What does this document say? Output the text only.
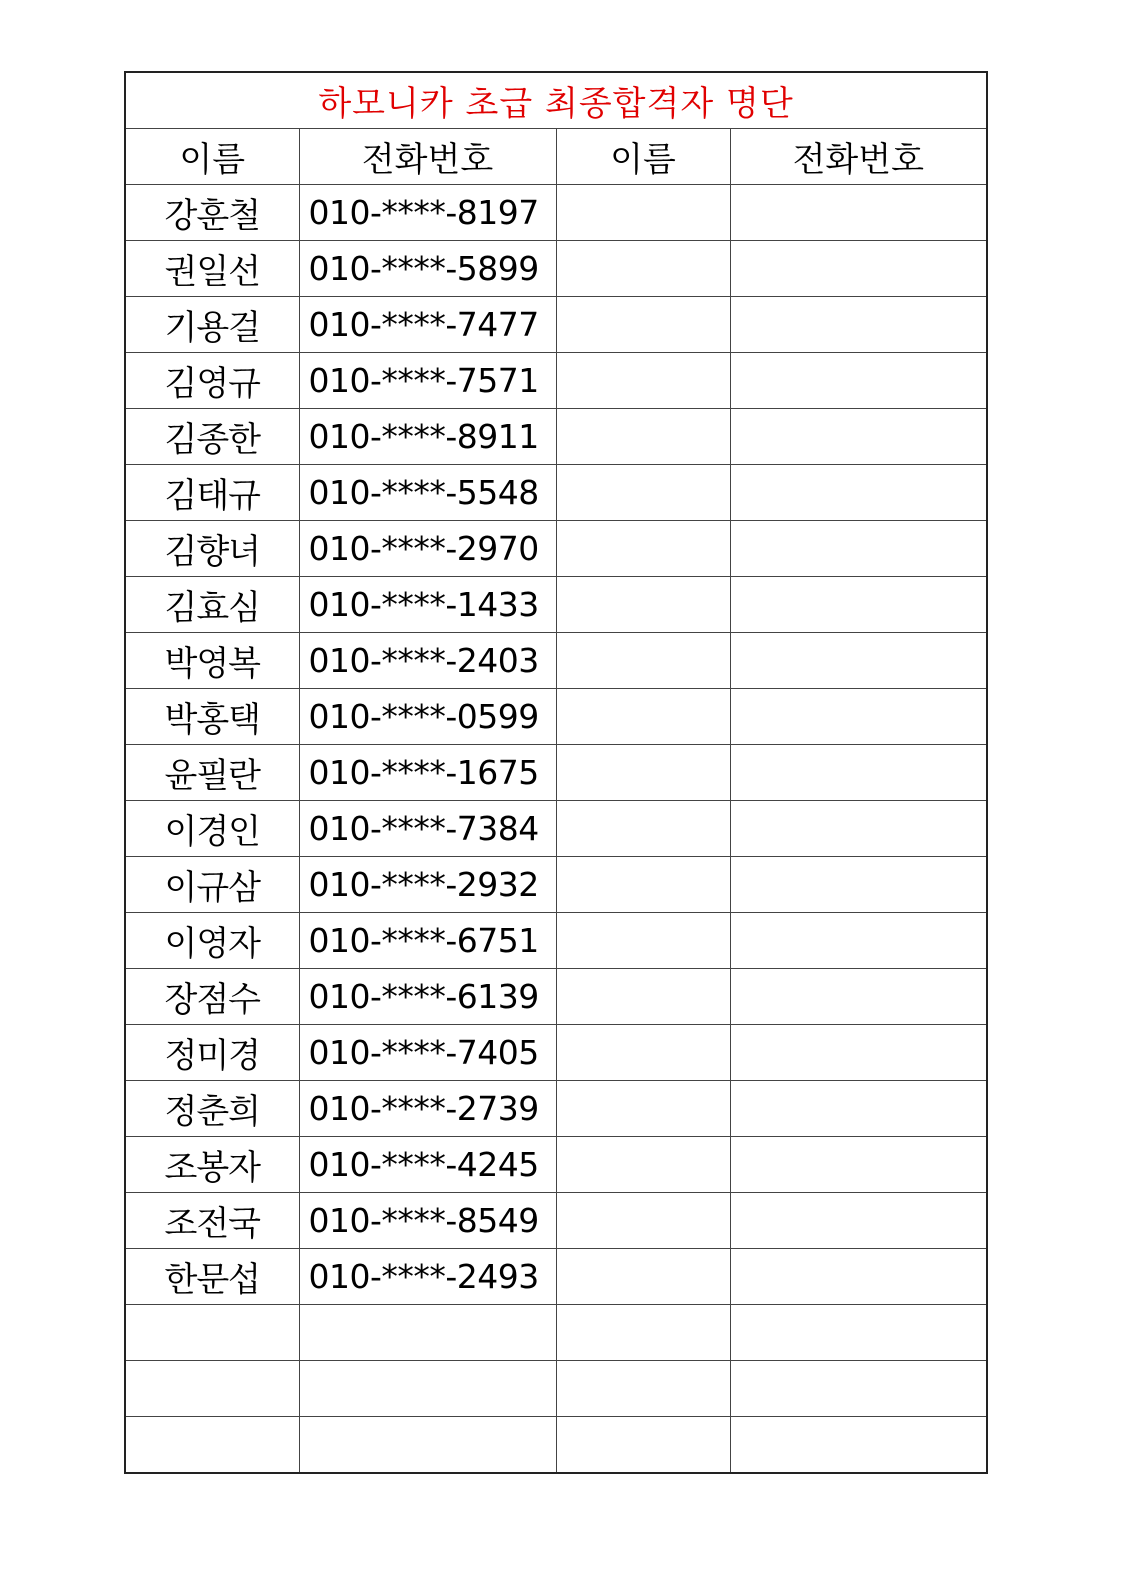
하모니카 초급 최종합격자 명단			
이름	전화번호	이름	전화번호
강훈철	010-****-8197		
권일선	010-****-5899		
기용걸	010-****-7477		
김영규	010-****-7571		
김종한	010-****-8911		
김태규	010-****-5548		
김향녀	010-****-2970		
김효심	010-****-1433		
박영복	010-****-2403		
박홍택	010-****-0599		
윤필란	010-****-1675		
이경인	010-****-7384		
이규삼	010-****-2932		
이영자	010-****-6751		
장점수	010-****-6139		
정미경	010-****-7405		
정춘희	010-****-2739		
조봉자	010-****-4245		
조전국	010-****-8549		
한문섭	010-****-2493		
